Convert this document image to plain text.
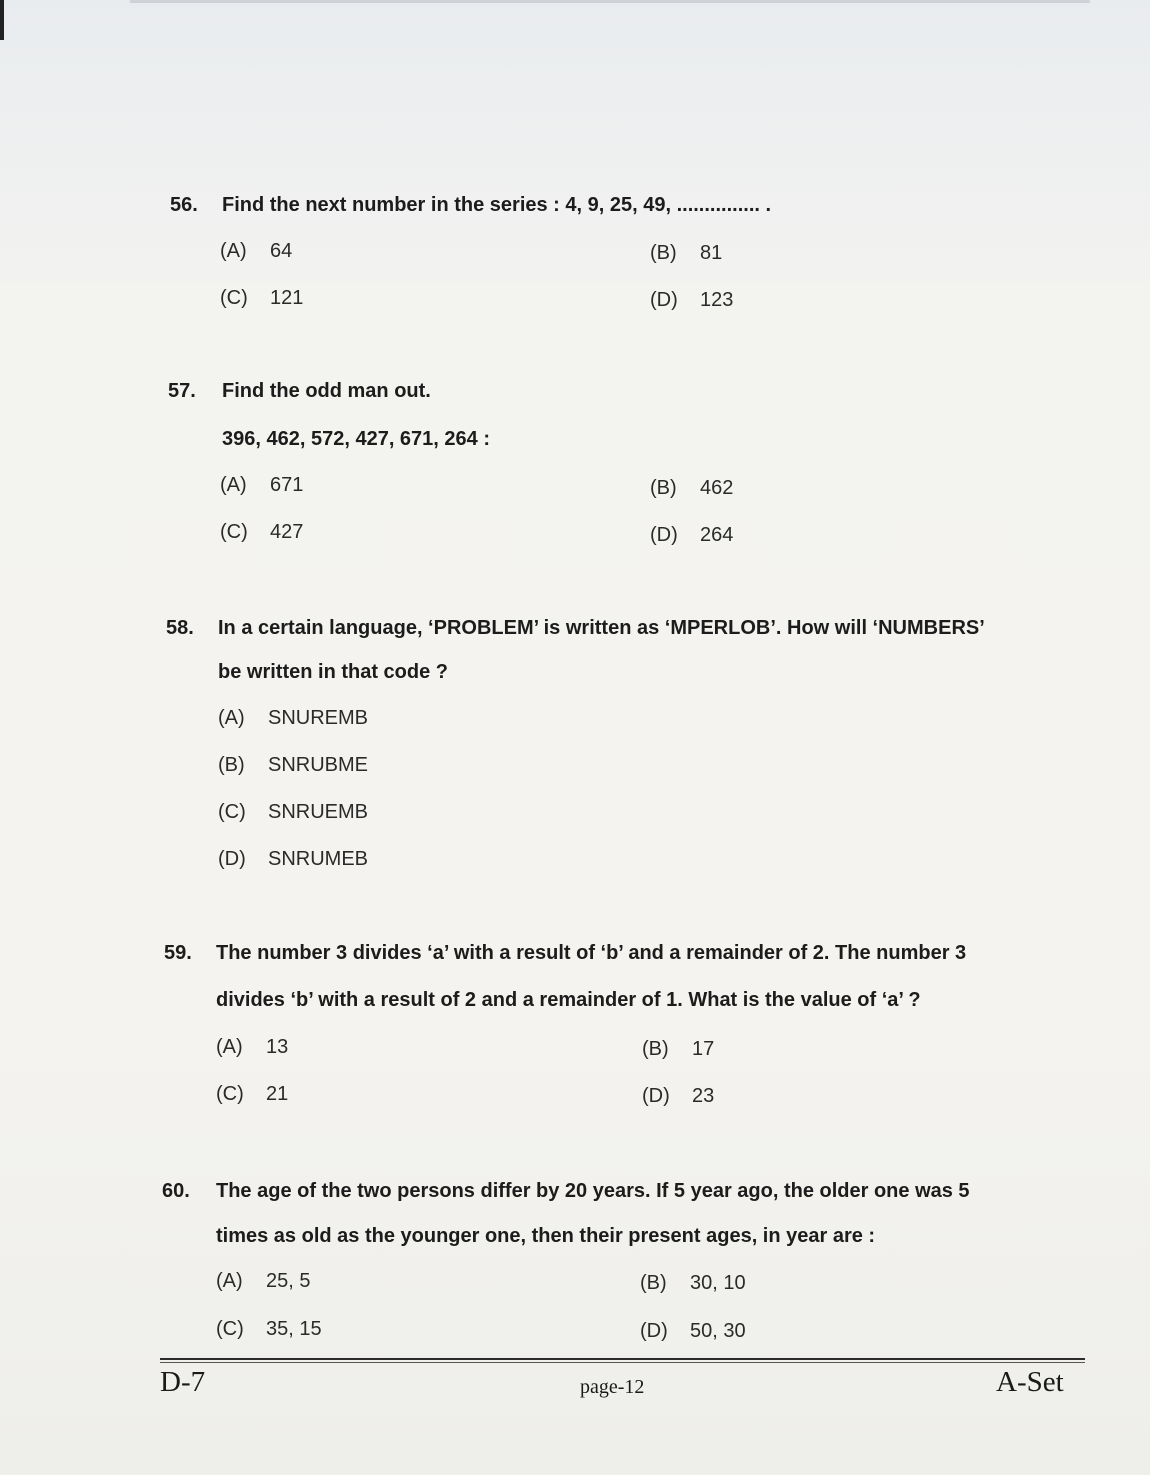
56. Find the next number in the series : 4, 9, 25, 49, ............... .
(A) 64	(B) 81
(C) 121	(D) 123
57. Find the odd man out.
396, 462, 572, 427, 671, 264 :
(A) 671	(B) 462
(C) 427	(D) 264
58. In a certain language, ‘PROBLEM’ is written as ‘MPERLOB’. How will ‘NUMBERS’
be written in that code ?
(A) SNUREMB
(B) SNRUBME
(C) SNRUEMB
(D) SNRUMEB
59. The number 3 divides ‘a’ with a result of ‘b’ and a remainder of 2. The number 3
divides ‘b’ with a result of 2 and a remainder of 1. What is the value of ‘a’ ?
(A) 13	(B) 17
(C) 21	(D) 23
60. The age of the two persons differ by 20 years. If 5 year ago, the older one was 5
times as old as the younger one, then their present ages, in year are :
(A) 25, 5	(B) 30, 10
(C) 35, 15	(D) 50, 30
D-7	page-12	A-Set
